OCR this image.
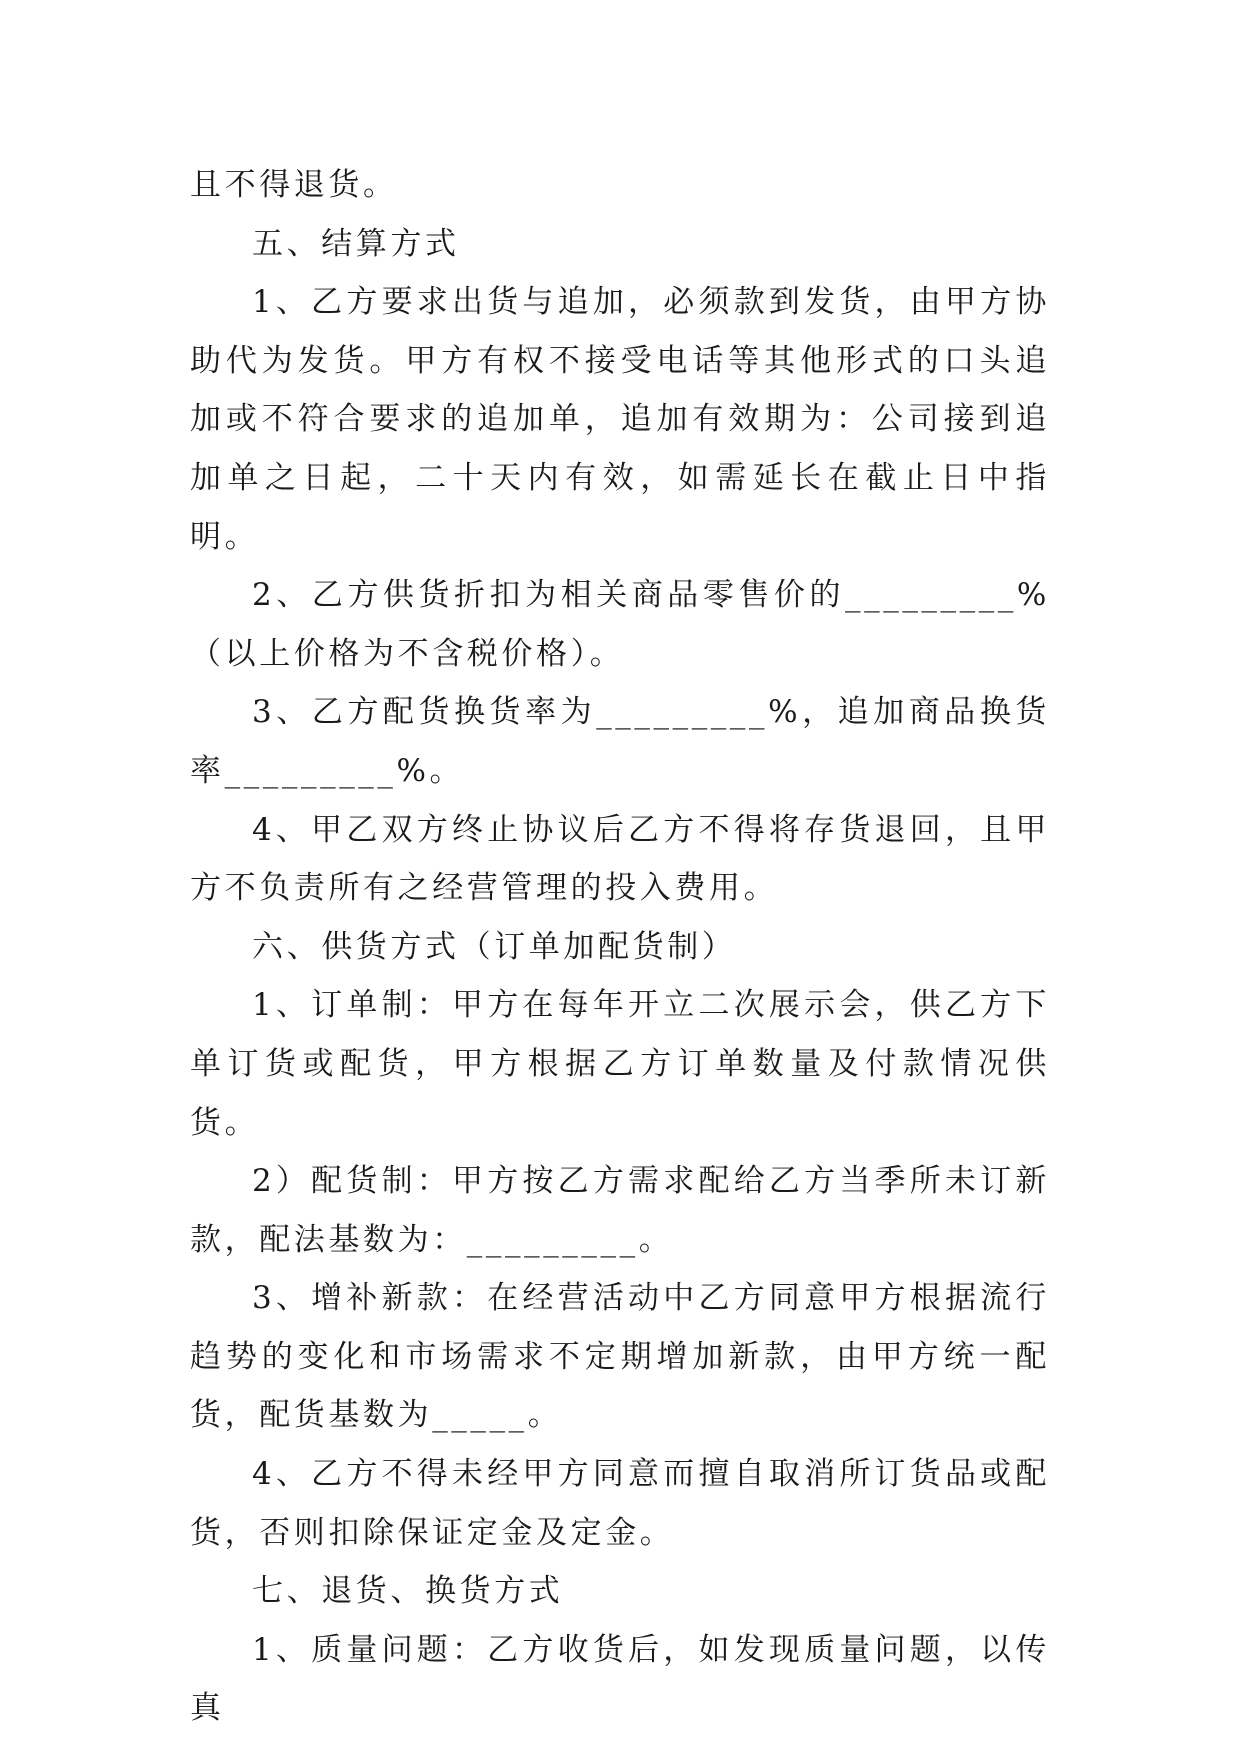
且不得退货。

五、结算方式

1、乙方要求出货与追加，必须款到发货，由甲方协助代为发货。甲方有权不接受电话等其他形式的口头追加或不符合要求的追加单，追加有效期为：公司接到追加单之日起，二十天内有效，如需延长在截止日中指明。

2、乙方供货折扣为相关商品零售价的_________%（以上价格为不含税价格）。

3、乙方配货换货率为_________%，追加商品换货率_________%。

4、甲乙双方终止协议后乙方不得将存货退回，且甲方不负责所有之经营管理的投入费用。

六、供货方式（订单加配货制）

1、订单制：甲方在每年开立二次展示会，供乙方下单订货或配货，甲方根据乙方订单数量及付款情况供货。

2）配货制：甲方按乙方需求配给乙方当季所未订新款，配法基数为：_________。

3、增补新款：在经营活动中乙方同意甲方根据流行趋势的变化和市场需求不定期增加新款，由甲方统一配货，配货基数为_____。

4、乙方不得未经甲方同意而擅自取消所订货品或配货，否则扣除保证定金及定金。

七、退货、换货方式

1、质量问题：乙方收货后，如发现质量问题，以传真
